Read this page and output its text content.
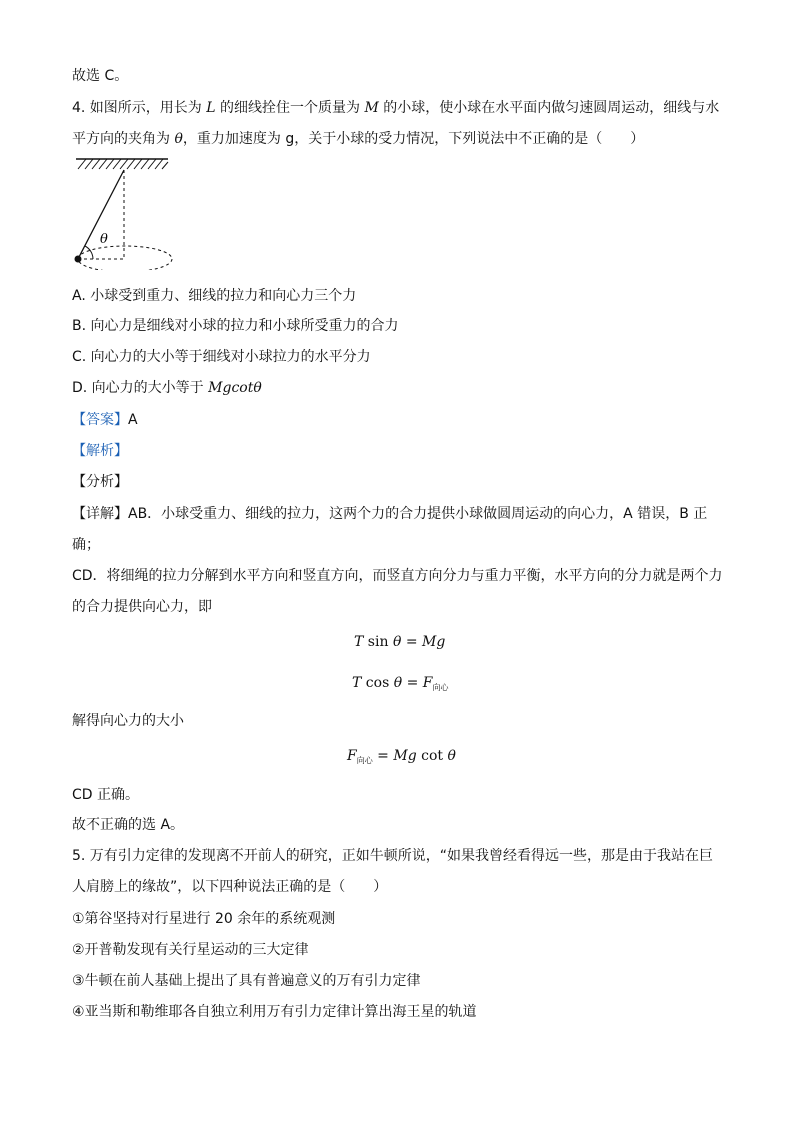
故选 C。
4. 如图所示，用长为 L 的细线拴住一个质量为 M 的小球，使小球在水平面内做匀速圆周运动，细线与水
平方向的夹角为 θ，重力加速度为 g，关于小球的受力情况，下列说法中不正确的是（　　）
θ
A. 小球受到重力、细线的拉力和向心力三个力
B. 向心力是细线对小球的拉力和小球所受重力的合力
C. 向心力的大小等于细线对小球拉力的水平分力
D. 向心力的大小等于 Mgcotθ
【答案】A
【解析】
【分析】
【详解】AB．小球受重力、细线的拉力，这两个力的合力提供小球做圆周运动的向心力，A 错误，B 正
确；
CD．将细绳的拉力分解到水平方向和竖直方向，而竖直方向分力与重力平衡，水平方向的分力就是两个力
的合力提供向心力，即
T sin θ = Mg
T $\cos \theta = F_{向心}$
解得向心力的大小
$F_{向心} = Mg$ cot θ
CD 正确。
故不正确的选 A。
5. 万有引力定律的发现离不开前人的研究，正如牛顿所说，“如果我曾经看得远一些，那是由于我站在巨
人肩膀上的缘故”，以下四种说法正确的是（　　）
①第谷坚持对行星进行 20 余年的系统观测
②开普勒发现有关行星运动的三大定律
③牛顿在前人基础上提出了具有普遍意义的万有引力定律
④亚当斯和勒维耶各自独立利用万有引力定律计算出海王星的轨道
